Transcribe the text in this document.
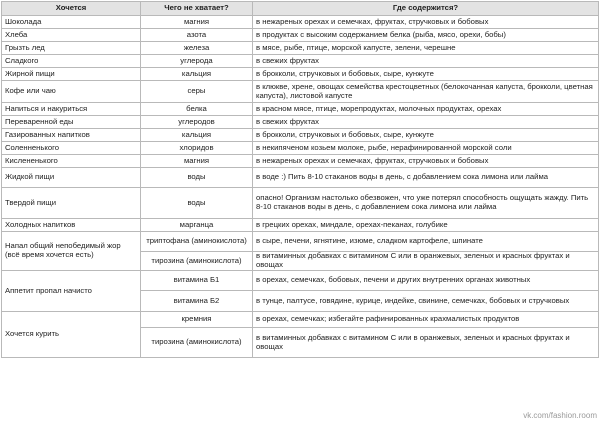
Хочется	Чего не хватает?	Где содержится?
Шоколада	магния	в нежареных орехах и семечках, фруктах, стручковых и бобовых
Хлеба	азота	в продуктах с высоким содержанием белка (рыба, мясо, орехи, бобы)
Грызть лед	железа	в мясе, рыбе, птице, морской капусте, зелени, черешне
Сладкого	углерода	в свежих фруктах
Жирной пищи	кальция	в брокколи, стручковых и бобовых, сыре, кунжуте
Кофе или чаю	серы	в клюкве, хрене, овощах семейства крестоцветных (белокочанная капуста, брокколи, цветная капуста), листовой капусте
Напиться и накуриться	белка	в красном мясе, птице, морепродуктах, молочных продуктах, орехах
Переваренной еды	углеродов	в свежих фруктах
Газированных напитков	кальция	в брокколи, стручковых и бобовых, сыре, кунжуте
Соленненького	хлоридов	в некипяченом козьем молоке, рыбе, нерафинированной морской соли
Кислененького	магния	в нежареных орехах и семечках, фруктах, стручковых и бобовых
Жидкой пищи	воды	в воде :) Пить 8-10 стаканов воды в день, с добавлением сока лимона или лайма
Твердой пищи	воды	опасно! Организм настолько обезвожен, что уже потерял способность ощущать жажду. Пить 8-10 стаканов воды в день, с добавлением сока лимона или лайма
Холодных напитков	марганца	в грецких орехах, миндале, орехах-пеканах, голубике
Напал общий непобедимый жор (всё время хочется есть)	триптофана (аминокислота)	в сыре, печени, ягнятине, изюме, сладком картофеле, шпинате
	тирозина (аминокислота)	в витаминных добавках с витамином С или в оранжевых, зеленых и красных фруктах и овощах
Аппетит пропал начисто	витамина Б1	в орехах, семечках, бобовых, печени и других внутренних органах животных
	витамина Б2	в тунце, палтусе, говядине, курице, индейке, свинине, семечках, бобовых и стручковых
Хочется курить	кремния	в орехах, семечках; избегайте рафинированных крахмалистых продуктов
	тирозина (аминокислота)	в витаминных добавках с витамином С или в оранжевых, зеленых и красных фруктах и овощах
vk.com/fashion.room
